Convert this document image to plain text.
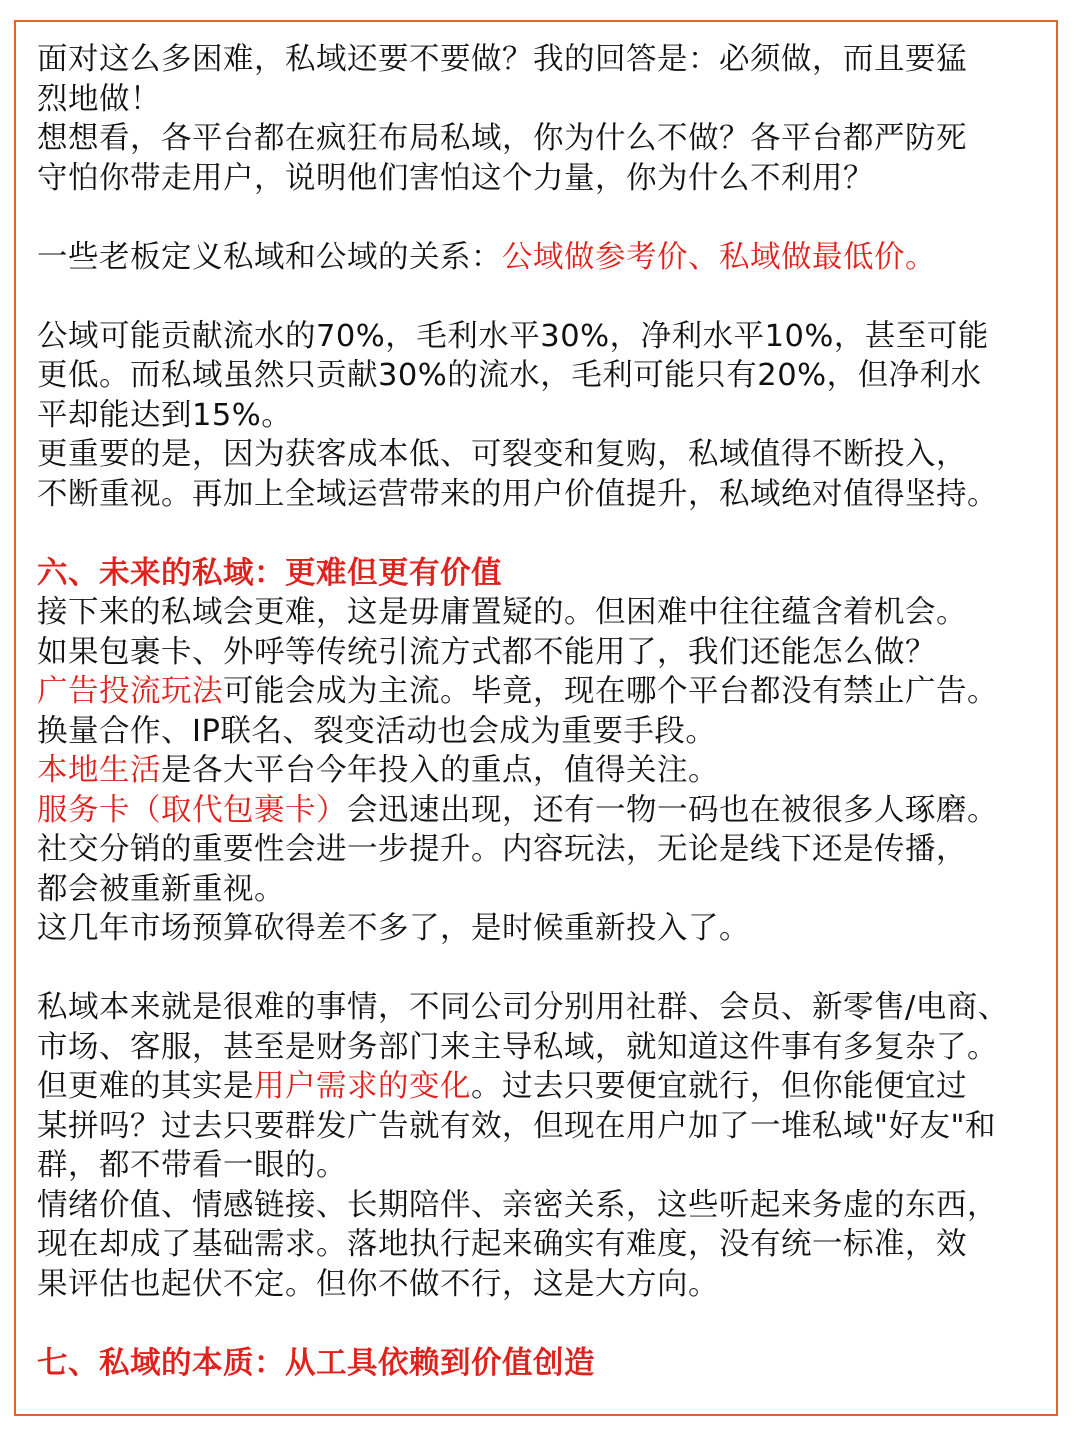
面对这么多困难，私域还要不要做？我的回答是：必须做，而且要猛
烈地做！
想想看，各平台都在疯狂布局私域，你为什么不做？各平台都严防死
守怕你带走用户，说明他们害怕这个力量，你为什么不利用？
一些老板定义私域和公域的关系：公域做参考价、私域做最低价。
公域可能贡献流水的70%，毛利水平30%，净利水平10%，甚至可能
更低。而私域虽然只贡献30%的流水，毛利可能只有20%，但净利水
平却能达到15%。
更重要的是，因为获客成本低、可裂变和复购，私域值得不断投入，
不断重视。再加上全域运营带来的用户价值提升，私域绝对值得坚持。
六、未来的私域：更难但更有价值
接下来的私域会更难，这是毋庸置疑的。但困难中往往蕴含着机会。
如果包裹卡、外呼等传统引流方式都不能用了，我们还能怎么做？
广告投流玩法可能会成为主流。毕竟，现在哪个平台都没有禁止广告。
换量合作、IP联名、裂变活动也会成为重要手段。
本地生活是各大平台今年投入的重点，值得关注。
服务卡（取代包裹卡）会迅速出现，还有一物一码也在被很多人琢磨。
社交分销的重要性会进一步提升。内容玩法，无论是线下还是传播，
都会被重新重视。
这几年市场预算砍得差不多了，是时候重新投入了。
私域本来就是很难的事情，不同公司分别用社群、会员、新零售/电商、
市场、客服，甚至是财务部门来主导私域，就知道这件事有多复杂了。
但更难的其实是用户需求的变化。过去只要便宜就行，但你能便宜过
某拼吗？过去只要群发广告就有效，但现在用户加了一堆私域"好友"和
群，都不带看一眼的。
情绪价值、情感链接、长期陪伴、亲密关系，这些听起来务虚的东西，
现在却成了基础需求。落地执行起来确实有难度，没有统一标准，效
果评估也起伏不定。但你不做不行，这是大方向。
七、私域的本质：从工具依赖到价值创造
